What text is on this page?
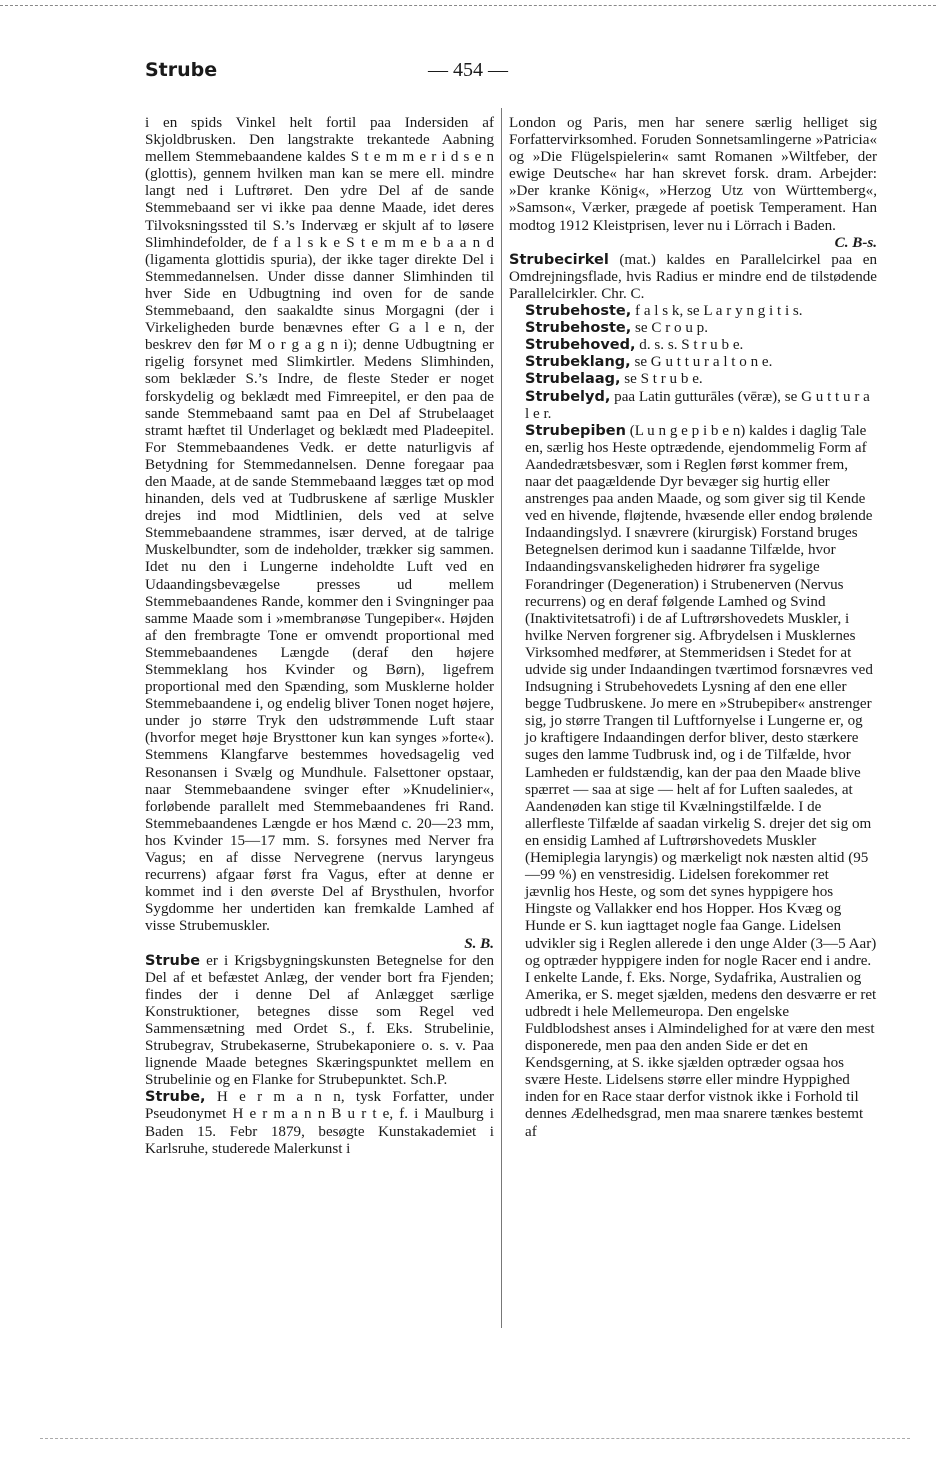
Strube	— 454 —

i en spids Vinkel helt fortil paa Indersiden af Skjoldbrusken. Den langstrakte trekantede Aabning mellem Stemmebaandene kaldes S t e m m e r i d s e n (glottis), gennem hvilken man kan se mere ell. mindre langt ned i Luftrøret. Den ydre Del af de sande Stemmebaand ser vi ikke paa denne Maade, idet deres Tilvoksningssted til S.’s Indervæg er skjult af to løsere Slimhindefolder, de f a l s k e S t e m m e b a a n d (ligamenta glottidis spuria), der ikke tager direkte Del i Stemmedannelsen. Under disse danner Slimhinden til hver Side en Udbugtning ind oven for de sande Stemmebaand, den saakaldte sinus Morgagni (der i Virkeligheden burde benævnes efter G a l e n, der beskrev den før M o r g a g n i); denne Udbugtning er rigelig forsynet med Slimkirtler. Medens Slimhinden, som beklæder S.’s Indre, de fleste Steder er noget forskydelig og beklædt med Fimreepitel, er den paa de sande Stemmebaand samt paa en Del af Strubelaaget stramt hæftet til Underlaget og beklædt med Pladeepitel. For Stemmebaandenes Vedk. er dette naturligvis af Betydning for Stemmedannelsen. Denne foregaar paa den Maade, at de sande Stemmebaand lægges tæt op mod hinanden, dels ved at Tudbruskene af særlige Muskler drejes ind mod Midtlinien, dels ved at selve Stemmebaandene strammes, især derved, at de talrige Muskelbundter, som de indeholder, trækker sig sammen. Idet nu den i Lungerne indeholdte Luft ved en Udaandingsbevægelse presses ud mellem Stemmebaandenes Rande, kommer den i Svingninger paa samme Maade som i »membranøse Tungepiber«. Højden af den frembragte Tone er omvendt proportional med Stemmebaandenes Længde (deraf den højere Stemmeklang hos Kvinder og Børn), ligefrem proportional med den Spænding, som Musklerne holder Stemmebaandene i, og endelig bliver Tonen noget højere, under jo større Tryk den udstrømmende Luft staar (hvorfor meget høje Brysttoner kun kan synges »forte«). Stemmens Klangfarve bestemmes hovedsagelig ved Resonansen i Svælg og Mundhule. Falsettoner opstaar, naar Stemmebaandene svinger efter »Knudelinier«, forløbende parallelt med Stemmebaandenes fri Rand. Stemmebaandenes Længde er hos Mænd c. 20—23 mm, hos Kvinder 15—17 mm. S. forsynes med Nerver fra Vagus; en af disse Nervegrene (nervus laryngeus recurrens) afgaar først fra Vagus, efter at denne er kommet ind i den øverste Del af Brysthulen, hvorfor Sygdomme her undertiden kan fremkalde Lamhed af visse Strubemuskler.

S. B.

Strube er i Krigsbygningskunsten Betegnelse for den Del af et befæstet Anlæg, der vender bort fra Fjenden; findes der i denne Del af Anlægget særlige Konstruktioner, betegnes disse som Regel ved Sammensætning med Ordet S., f. Eks. Strubelinie, Strubegrav, Strubekaserne, Strubekaponiere o. s. v. Paa lignende Maade betegnes Skæringspunktet mellem en Strubelinie og en Flanke for Strubepunktet. Sch.P.

Strube, H e r m a n n, tysk Forfatter, under Pseudonymet H e r m a n n B u r t e, f. i Maulburg i Baden 15. Febr 1879, besøgte Kunstakademiet i Karlsruhe, studerede Malerkunst i

London og Paris, men har senere særlig helliget sig Forfattervirksomhed. Foruden Sonnetsamlingerne »Patricia« og »Die Flügelspielerin« samt Romanen »Wiltfeber, der ewige Deutsche« har han skrevet forsk. dram. Arbejder: »Der kranke König«, »Herzog Utz von Württemberg«, »Samson«, Værker, prægede af poetisk Temperament. Han modtog 1912 Kleistprisen, lever nu i Lörrach i Baden.

C. B-s.

Strubecirkel (mat.) kaldes en Parallelcirkel paa en Omdrejningsflade, hvis Radius er mindre end de tilstødende Parallelcirkler. Chr. C.

Strubehoste, f a l s k, se L a r y n g i t i s.

Strubehoste, se C r o u p.

Strubehoved, d. s. s. S t r u b e.

Strubeklang, se G u t t u r a l t o n e.

Strubelaag, se S t r u b e.

Strubelyd, paa Latin gutturāles (vēræ), se G u t t u r a l e r.

Strubepiben (L u n g e p i b e n) kaldes i daglig Tale en, særlig hos Heste optrædende, ejendommelig Form af Aandedrætsbesvær, som i Reglen først kommer frem, naar det paagældende Dyr bevæger sig hurtig eller anstrenges paa anden Maade, og som giver sig til Kende ved en hivende, fløjtende, hvæsende eller endog brølende Indaandingslyd. I snævrere (kirurgisk) Forstand bruges Betegnelsen derimod kun i saadanne Tilfælde, hvor Indaandingsvanskeligheden hidrører fra sygelige Forandringer (Degeneration) i Strubenerven (Nervus recurrens) og en deraf følgende Lamhed og Svind (Inaktivitetsatrofi) i de af Luftrørshovedets Muskler, i hvilke Nerven forgrener sig. Afbrydelsen i Musklernes Virksomhed medfører, at Stemmeridsen i Stedet for at udvide sig under Indaandingen tværtimod forsnævres ved Indsugning i Strubehovedets Lysning af den ene eller begge Tudbruskene. Jo mere en »Strubepiber« anstrenger sig, jo større Trangen til Luftfornyelse i Lungerne er, og jo kraftigere Indaandingen derfor bliver, desto stærkere suges den lamme Tudbrusk ind, og i de Tilfælde, hvor Lamheden er fuldstændig, kan der paa den Maade blive spærret — saa at sige — helt af for Luften saaledes, at Aandenøden kan stige til Kvælningstilfælde. I de allerfleste Tilfælde af saadan virkelig S. drejer det sig om en ensidig Lamhed af Luftrørshovedets Muskler (Hemiplegia laryngis) og mærkeligt nok næsten altid (95—99 %) en venstresidig. Lidelsen forekommer ret jævnlig hos Heste, og som det synes hyppigere hos Hingste og Vallakker end hos Hopper. Hos Kvæg og Hunde er S. kun iagttaget nogle faa Gange. Lidelsen udvikler sig i Reglen allerede i den unge Alder (3—5 Aar) og optræder hyppigere inden for nogle Racer end i andre. I enkelte Lande, f. Eks. Norge, Sydafrika, Australien og Amerika, er S. meget sjælden, medens den desværre er ret udbredt i hele Mellemeuropa. Den engelske Fuldblodshest anses i Almindelighed for at være den mest disponerede, men paa den anden Side er det en Kendsgerning, at S. ikke sjælden optræder ogsaa hos svære Heste. Lidelsens større eller mindre Hyppighed inden for en Race staar derfor vistnok ikke i Forhold til dennes Ædelhedsgrad, men maa snarere tænkes bestemt af
